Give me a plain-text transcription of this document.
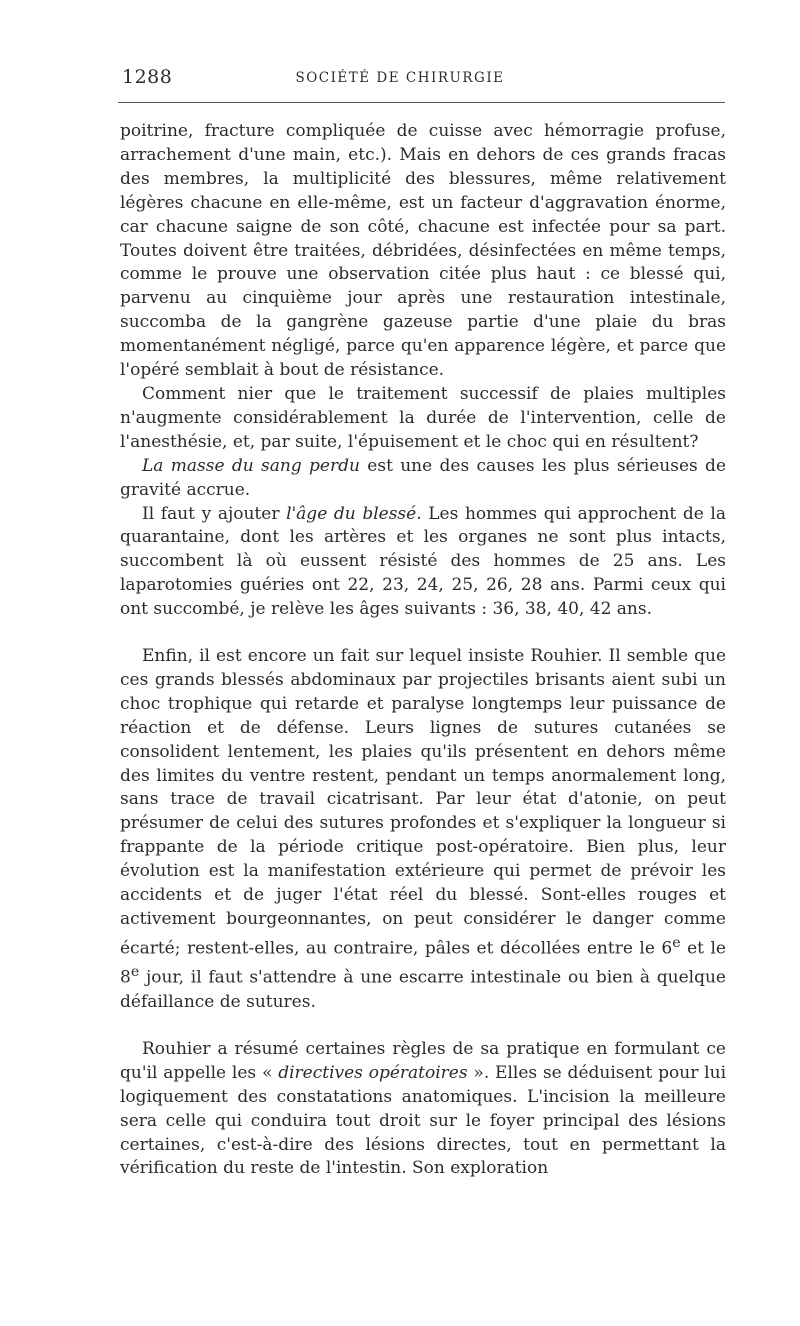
1288	SOCIÉTÉ DE CHIRURGIE

poitrine, fracture compliquée de cuisse avec hémorragie profuse, arrachement d'une main, etc.). Mais en dehors de ces grands fracas des membres, la multiplicité des blessures, même relativement légères chacune en elle-même, est un facteur d'aggravation énorme, car chacune saigne de son côté, chacune est infectée pour sa part. Toutes doivent être traitées, débridées, désinfectées en même temps, comme le prouve une observation citée plus haut : ce blessé qui, parvenu au cinquième jour après une restauration intestinale, succomba de la gangrène gazeuse partie d'une plaie du bras momentanément négligé, parce qu'en apparence légère, et parce que l'opéré semblait à bout de résistance.

Comment nier que le traitement successif de plaies multiples n'augmente considérablement la durée de l'intervention, celle de l'anesthésie, et, par suite, l'épuisement et le choc qui en résultent?

La masse du sang perdu est une des causes les plus sérieuses de gravité accrue.

Il faut y ajouter l'âge du blessé. Les hommes qui approchent de la quarantaine, dont les artères et les organes ne sont plus intacts, succombent là où eussent résisté des hommes de 25 ans. Les laparotomies guéries ont 22, 23, 24, 25, 26, 28 ans. Parmi ceux qui ont succombé, je relève les âges suivants : 36, 38, 40, 42 ans.

Enfin, il est encore un fait sur lequel insiste Rouhier. Il semble que ces grands blessés abdominaux par projectiles brisants aient subi un choc trophique qui retarde et paralyse longtemps leur puissance de réaction et de défense. Leurs lignes de sutures cutanées se consolident lentement, les plaies qu'ils présentent en dehors même des limites du ventre restent, pendant un temps anormalement long, sans trace de travail cicatrisant. Par leur état d'atonie, on peut présumer de celui des sutures profondes et s'expliquer la longueur si frappante de la période critique post-opératoire. Bien plus, leur évolution est la manifestation extérieure qui permet de prévoir les accidents et de juger l'état réel du blessé. Sont-elles rouges et activement bourgeonnantes, on peut considérer le danger comme écarté; restent-elles, au contraire, pâles et décollées entre le 6e et le 8e jour, il faut s'attendre à une escarre intestinale ou bien à quelque défaillance de sutures.

Rouhier a résumé certaines règles de sa pratique en formulant ce qu'il appelle les « directives opératoires ». Elles se déduisent pour lui logiquement des constatations anatomiques. L'incision la meilleure sera celle qui conduira tout droit sur le foyer principal des lésions certaines, c'est-à-dire des lésions directes, tout en permettant la vérification du reste de l'intestin. Son exploration
